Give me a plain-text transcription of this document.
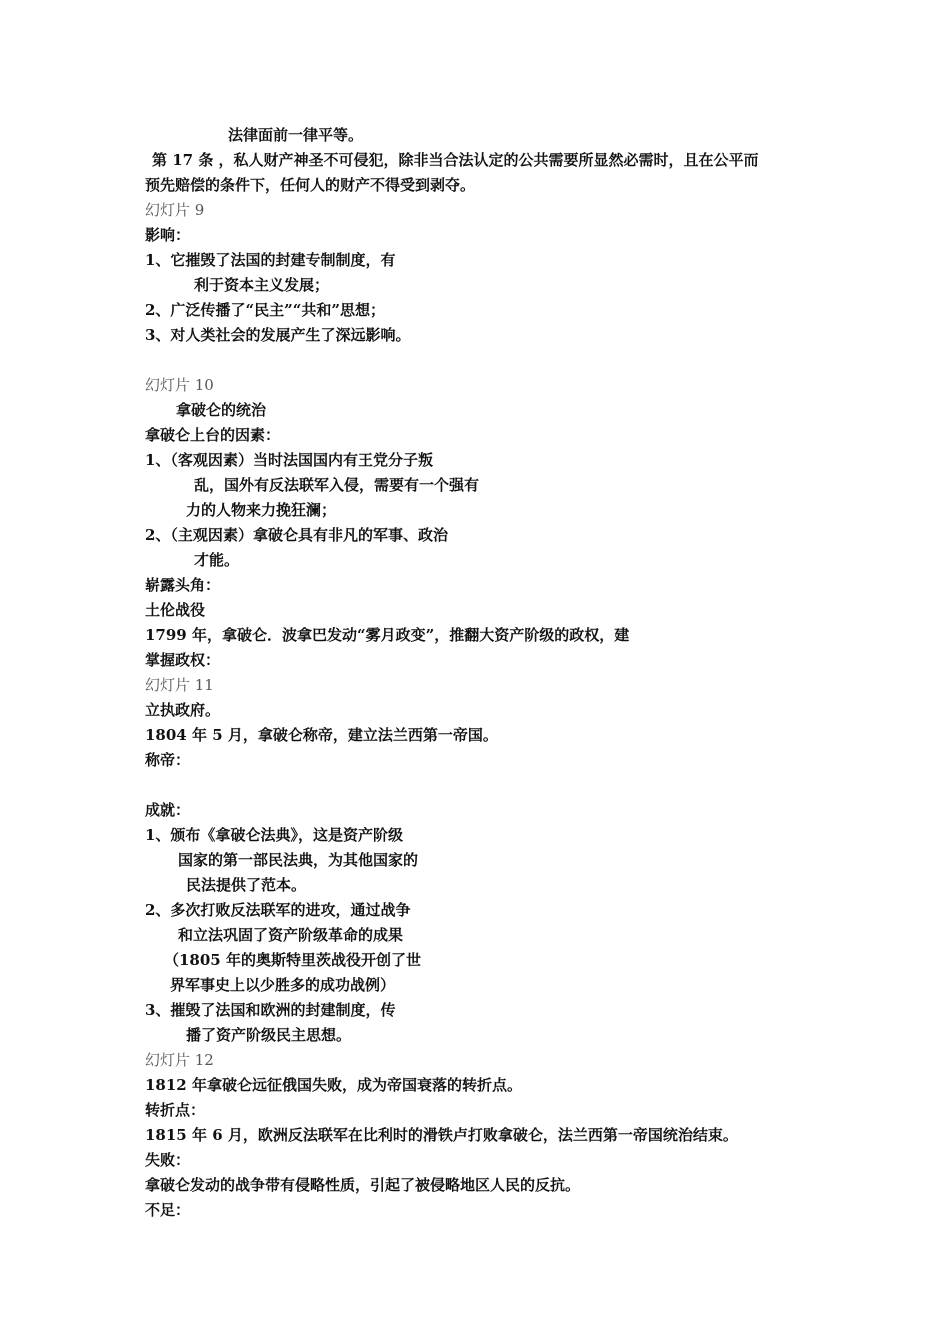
法律面前一律平等。

第 17 条 ，私人财产神圣不可侵犯，除非当合法认定的公共需要所显然必需时，且在公平而

预先赔偿的条件下，任何人的财产不得受到剥夺。

幻灯片 9

影响：

1、它摧毁了法国的封建专制制度，有

利于资本主义发展；

2、广泛传播了“民主”“共和”思想；

3、对人类社会的发展产生了深远影响。

幻灯片 10

拿破仑的统治

拿破仑上台的因素：

1、（客观因素）当时法国国内有王党分子叛

乱，国外有反法联军入侵，需要有一个强有

力的人物来力挽狂澜；

2、（主观因素）拿破仑具有非凡的军事、政治

才能。

崭露头角：

土伦战役

1799 年，拿破仑．波拿巴发动“雾月政变”，推翻大资产阶级的政权，建

掌握政权：

幻灯片 11

立执政府。

1804 年 5 月，拿破仑称帝，建立法兰西第一帝国。

称帝：

成就：

1、颁布《拿破仑法典》，这是资产阶级

国家的第一部民法典，为其他国家的

民法提供了范本。

2、多次打败反法联军的进攻，通过战争

和立法巩固了资产阶级革命的成果

（1805 年的奥斯特里茨战役开创了世

界军事史上以少胜多的成功战例）

3、摧毁了法国和欧洲的封建制度，传

播了资产阶级民主思想。

幻灯片 12

1812 年拿破仑远征俄国失败，成为帝国衰落的转折点。

转折点：

1815 年 6 月，欧洲反法联军在比利时的滑铁卢打败拿破仑，法兰西第一帝国统治结束。

失败：

拿破仑发动的战争带有侵略性质，引起了被侵略地区人民的反抗。

不足：
